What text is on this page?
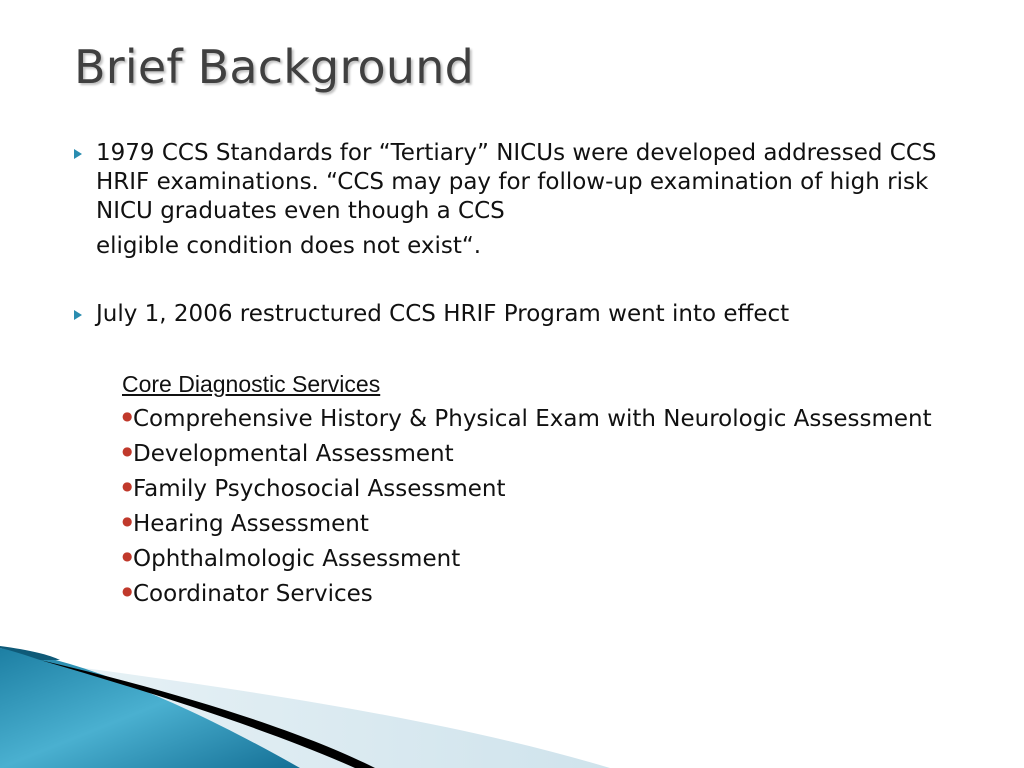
Brief Background
1979 CCS Standards for “Tertiary” NICUs were developed addressed CCS HRIF examinations. “CCS may pay for follow-up examination of high risk NICU graduates even though a CCS
eligible condition does not exist“.
July 1, 2006 restructured CCS HRIF Program went into effect
Core Diagnostic Services
● Comprehensive History & Physical Exam with Neurologic Assessment
● Developmental Assessment
● Family Psychosocial Assessment
● Hearing Assessment
● Ophthalmologic Assessment
● Coordinator Services
